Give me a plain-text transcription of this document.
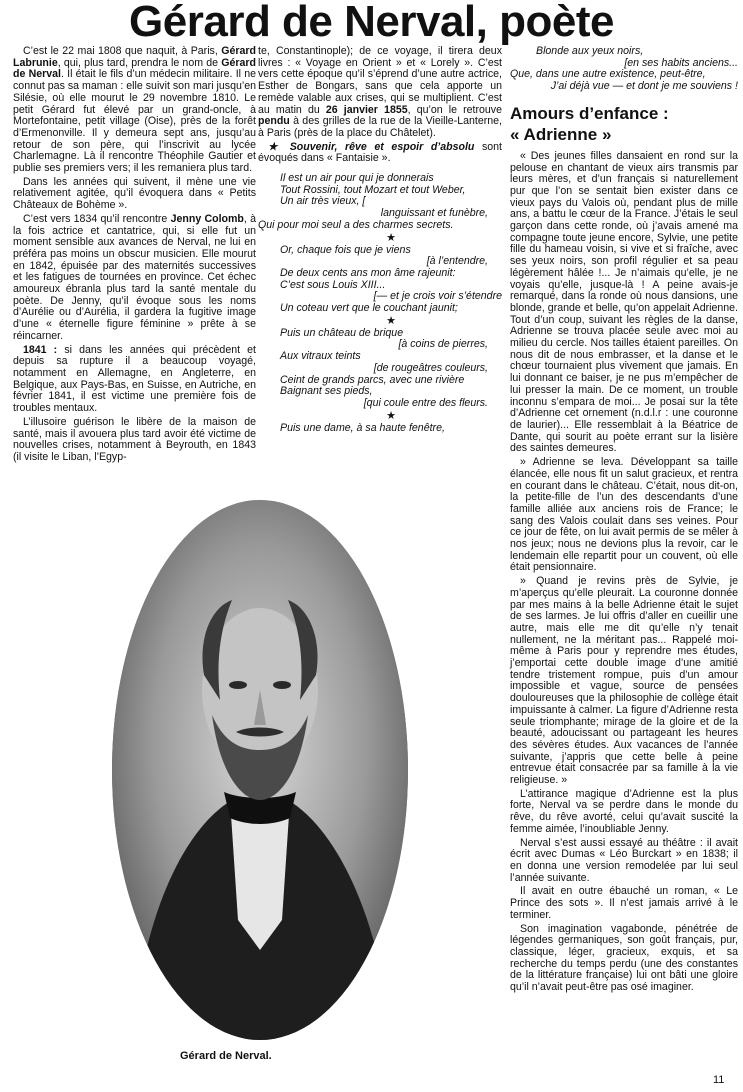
Gérard de Nerval, poète

C’est le 22 mai 1808 que naquit, à Paris, Gérard Labrunie, qui, plus tard, prendra le nom de Gérard de Nerval. Il était le fils d’un médecin militaire. Il ne connut pas sa maman : elle suivit son mari jusqu’en Silésie, où elle mourut le 29 novembre 1810. Le petit Gérard fut élevé par un grand-oncle, à Mortefontaine, petit village (Oise), près de la forêt d’Ermenonville. Il y demeura sept ans, jusqu’au retour de son père, qui l’inscrivit au lycée Charlemagne. Là il rencontre Théophile Gautier et publie ses premiers vers; il les remaniera plus tard.

Dans les années qui suivent, il mène une vie relativement agitée, qu’il évoquera dans « Petits Châteaux de Bohème ».

C’est vers 1834 qu’il rencontre Jenny Colomb, à la fois actrice et cantatrice, qui, si elle fut un moment sensible aux avances de Nerval, ne lui en préféra pas moins un obscur musicien. Elle mourut en 1842, épuisée par des maternités successives et les fatigues de tournées en province. Cet échec amoureux ébranla plus tard la santé mentale du poète. De Jenny, qu’il évoque sous les noms d’Aurélie ou d’Aurélia, il gardera la fugitive image d’une « éternelle figure féminine » prête à se réincarner.

1841 : si dans les années qui précèdent et depuis sa rupture il a beaucoup voyagé, notamment en Allemagne, en Angleterre, en Belgique, aux Pays-Bas, en Suisse, en Autriche, en février 1841, il est victime une première fois de troubles mentaux.

L’illusoire guérison le libère de la maison de santé, mais il avouera plus tard avoir été victime de nouvelles crises, notamment à Beyrouth, en 1843 (il visite le Liban, l’Egyp-

te, Constantinople); de ce voyage, il tirera deux livres : « Voyage en Orient » et « Lorely ». C’est vers cette époque qu’il s’éprend d’une autre actrice, Esther de Bongars, sans que cela apporte un remède valable aux crises, qui se multiplient. C’est au matin du 26 janvier 1855, qu’on le retrouve pendu à des grilles de la rue de la Vieille-Lanterne, à Paris (près de la place du Châtelet).

★ Souvenir, rêve et espoir d’absolu sont évoqués dans « Fantaisie ».

Il est un air pour qui je donnerais
Tout Rossini, tout Mozart et tout Weber,
Un air très vieux, [
languissant et funèbre,
Qui pour moi seul a des charmes secrets.
★
Or, chaque fois que je viens
[à l’entendre,
De deux cents ans mon âme rajeunit:
C’est sous Louis XIII...
[— et je crois voir s’étendre
Un coteau vert que le couchant jaunit;
★
Puis un château de brique
[à coins de pierres,
Aux vitraux teints
[de rougeâtres couleurs,
Ceint de grands parcs, avec une rivière
Baignant ses pieds,
[qui coule entre des fleurs.
★
Puis une dame, à sa haute fenêtre,
Blonde aux yeux noirs,
[en ses habits anciens...
Que, dans une autre existence, peut-être,
J’ai déjà vue — et dont je me souviens !
Amours d’enfance :
« Adrienne »

« Des jeunes filles dansaient en rond sur la pelouse en chantant de vieux airs transmis par leurs mères, et d’un français si naturellement pur que l’on se sentait bien exister dans ce vieux pays du Valois où, pendant plus de mille ans, a battu le cœur de la France. J’étais le seul garçon dans cette ronde, où j’avais amené ma compagne toute jeune encore, Sylvie, une petite fille du hameau voisin, si vive et si fraîche, avec ses yeux noirs, son profil régulier et sa peau légèrement hâlée !... Je n’aimais qu’elle, je ne voyais qu’elle, jusque-là ! A peine avais-je remarqué, dans la ronde où nous dansions, une blonde, grande et belle, qu’on appelait Adrienne. Tout d’un coup, suivant les règles de la danse, Adrienne se trouva placée seule avec moi au milieu du cercle. Nos tailles étaient pareilles. On nous dit de nous embrasser, et la danse et le chœur tournaient plus vivement que jamais. En lui donnant ce baiser, je ne pus m’empêcher de lui presser la main. De ce moment, un trouble inconnu s’empara de moi... Je posai sur la tête d’Adrienne cet ornement (n.d.l.r : une couronne de laurier)... Elle ressemblait à la Béatrice de Dante, qui sourit au poète errant sur la lisière des saintes demeures.

» Adrienne se leva. Développant sa taille élancée, elle nous fit un salut gracieux, et rentra en courant dans le château. C’était, nous dit-on, la petite-fille de l’un des descendants d’une famille alliée aux anciens rois de France; le sang des Valois coulait dans ses veines. Pour ce jour de fête, on lui avait permis de se mêler à nos jeux; nous ne devions plus la revoir, car le lendemain elle repartit pour un couvent, où elle était pensionnaire.

» Quand je revins près de Sylvie, je m’aperçus qu’elle pleurait. La couronne donnée par mes mains à la belle Adrienne était le sujet de ses larmes. Je lui offris d’aller en cueillir une autre, mais elle me dit qu’elle n’y tenait nullement, ne la méritant pas... Rappelé moi-même à Paris pour y reprendre mes études, j’emportai cette double image d’une amitié tendre tristement rompue, puis d’un amour impossible et vague, source de pensées douloureuses que la philosophie de collège était impuissante à calmer. La figure d’Adrienne resta seule triomphante; mirage de la gloire et de la beauté, adoucissant ou partageant les heures des sévères études. Aux vacances de l’année suivante, j’appris que cette belle à peine entrevue était consacrée par sa famille à la vie religieuse. »

L’attirance magique d’Adrienne est la plus forte, Nerval va se perdre dans le monde du rêve, du rêve avorté, celui qu’avait suscité la femme aimée, l’inoubliable Jenny.

Nerval s’est aussi essayé au théâtre : il avait écrit avec Dumas « Léo Burckart » en 1838; il en donna une version remodelée par lui seul l’année suivante.

Il avait en outre ébauché un roman, « Le Prince des sots ». Il n’est jamais arrivé à le terminer.

Son imagination vagabonde, pénétrée de légendes germaniques, son goût français, pur, classique, léger, gracieux, exquis, et sa recherche du temps perdu (une des constantes de la littérature française) lui ont bâti une gloire qu’il n’avait peut-être pas osé imaginer.

Gérard de Nerval.
11
